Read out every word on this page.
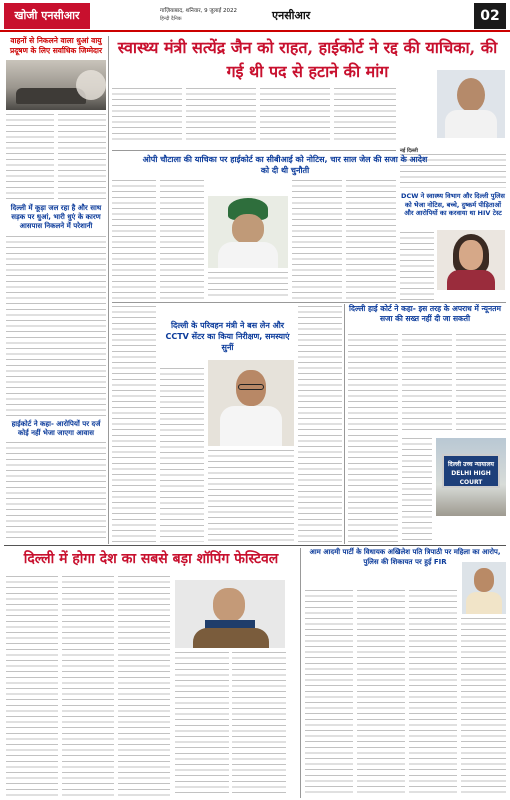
खोजी एनसीआर	गाज़ियाबाद, शनिवार, 9 जुलाई 2022
हिन्दी दैनिक	एनसीआर	02
वाहनों से निकलने वाला धुआं वायु प्रदूषण के लिए सर्वाधिक जिम्मेदार
दिल्ली में कूड़ा जल रहा है और साथ सड़क पर धुआं, भारी धुएं के कारण आसपास निकलने में परेशानी
हाईकोर्ट ने कहा- आरोपियों पर दर्ज कोई नहीं भेजा जाएगा आवास
स्वास्थ्य मंत्री सत्येंद्र जैन को राहत, हाईकोर्ट ने रद्द की याचिका, की गई थी पद से हटाने की मांग
नई दिल्ली
ओपी चौटाला की याचिका पर हाईकोर्ट का सीबीआई को नोटिस, चार साल जेल की सजा के आदेश को दी थी चुनौती
DCW ने स्वास्थ्य विभाग और दिल्ली पुलिस को भेजा नोटिस, बच्चे, दुष्कर्म पीड़िताओं और आरोपियों का करवाया था HIV टेस्ट
दिल्ली के परिवहन मंत्री ने बस लेन और CCTV सेंटर का किया निरीक्षण, समस्याएं सुनीं
दिल्ली हाई कोर्ट ने कहा- इस तरह के अपराध में न्यूनतम सजा की सख्त नहीं दी जा सकती
दिल्ली उच्च न्यायालय DELHI HIGH COURT
दिल्ली में होगा देश का सबसे बड़ा शॉपिंग फेस्टिवल	आम आदमी पार्टी के विधायक अखिलेश पति त्रिपाठी पर महिला का आरोप, पुलिस की शिकायत पर हुई FIR
